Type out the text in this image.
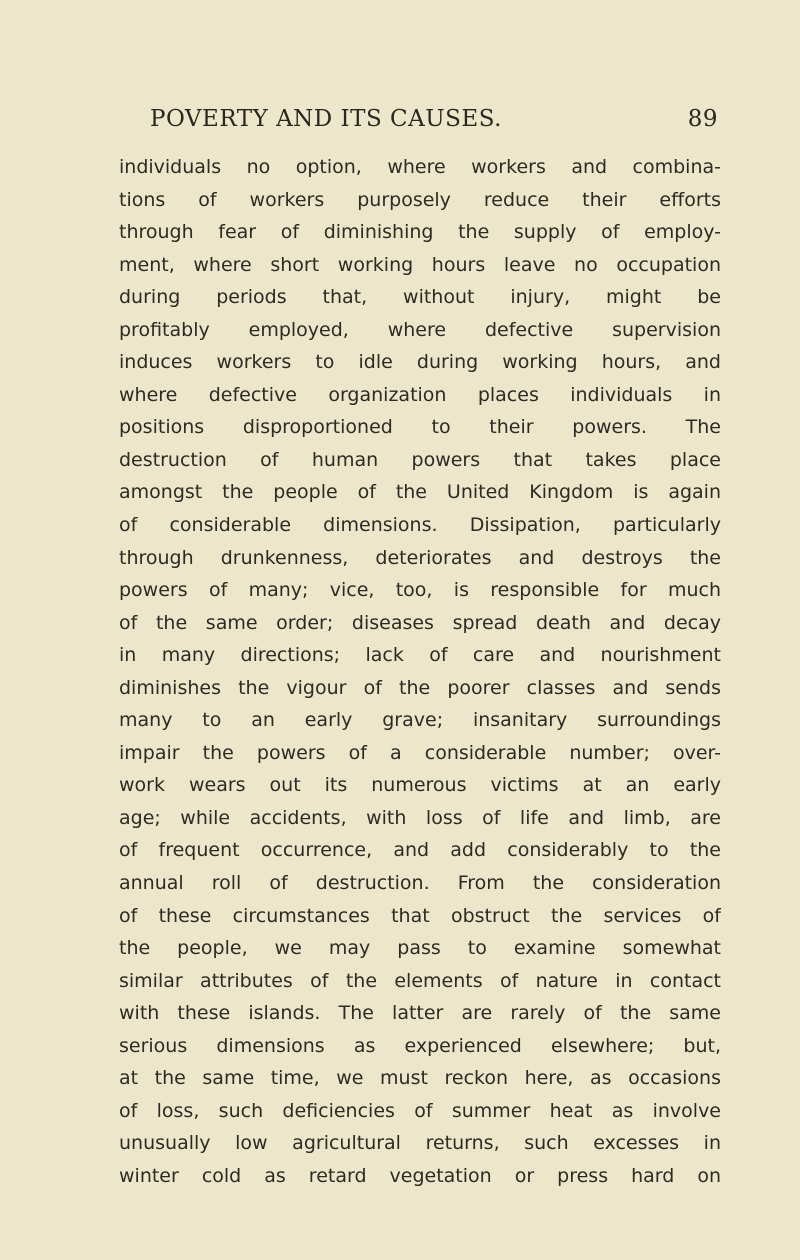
POVERTY AND ITS CAUSES.	89
individuals no option, where workers and combina-
tions of workers purposely reduce their efforts
through fear of diminishing the supply of employ-
ment, where short working hours leave no occupation
during periods that, without injury, might be
profitably employed, where defective supervision
induces workers to idle during working hours, and
where defective organization places individuals in
positions disproportioned to their powers. The
destruction of human powers that takes place
amongst the people of the United Kingdom is again
of considerable dimensions. Dissipation, particularly
through drunkenness, deteriorates and destroys the
powers of many; vice, too, is responsible for much
of the same order; diseases spread death and decay
in many directions; lack of care and nourishment
diminishes the vigour of the poorer classes and sends
many to an early grave; insanitary surroundings
impair the powers of a considerable number; over-
work wears out its numerous victims at an early
age; while accidents, with loss of life and limb, are
of frequent occurrence, and add considerably to the
annual roll of destruction. From the consideration
of these circumstances that obstruct the services of
the people, we may pass to examine somewhat
similar attributes of the elements of nature in contact
with these islands. The latter are rarely of the same
serious dimensions as experienced elsewhere; but,
at the same time, we must reckon here, as occasions
of loss, such deficiencies of summer heat as involve
unusually low agricultural returns, such excesses in
winter cold as retard vegetation or press hard on
